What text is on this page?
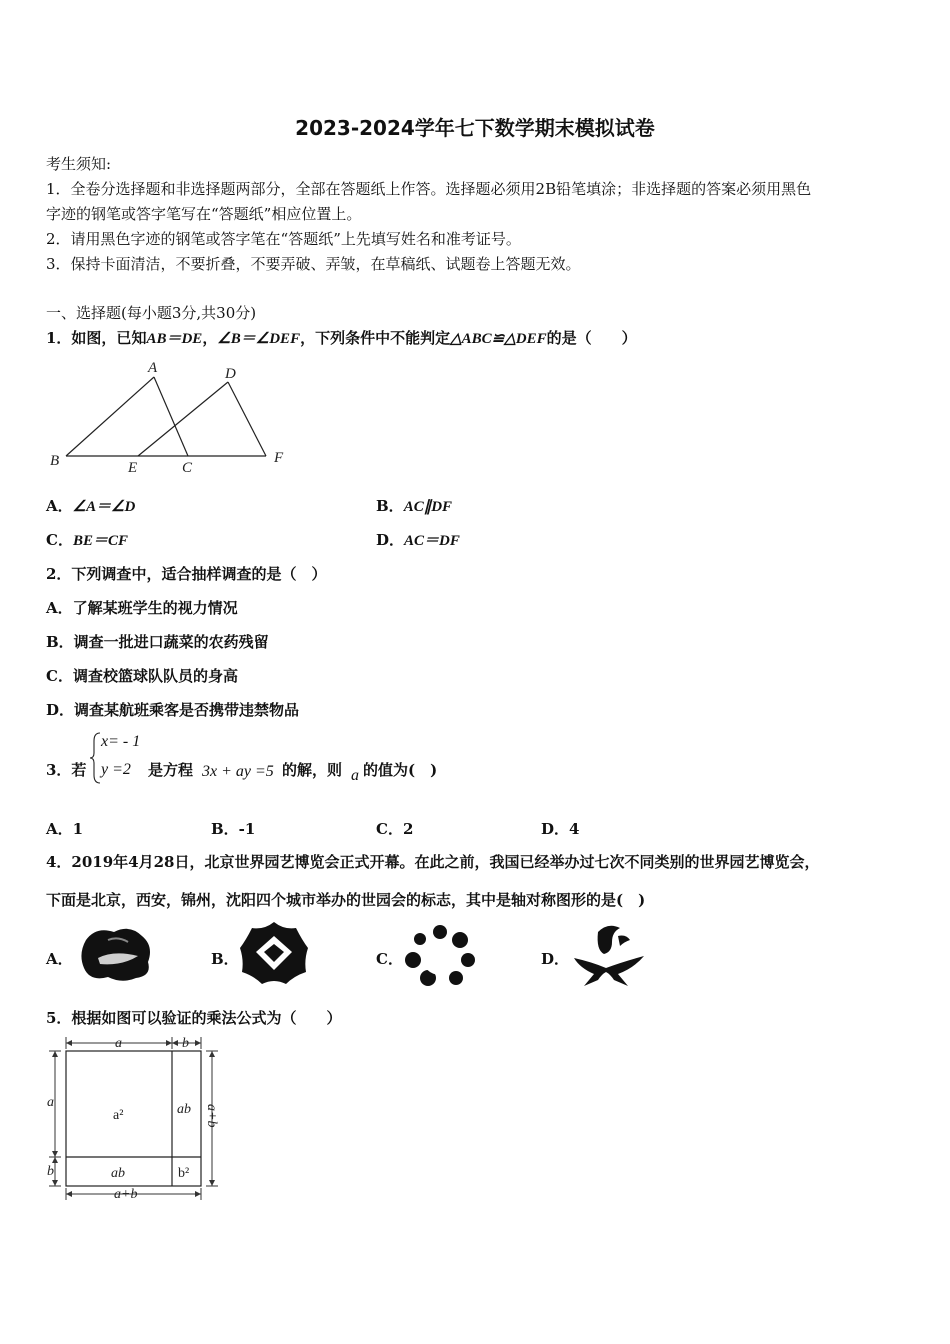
2023-2024学年七下数学期末模拟试卷
考生须知:
1．全卷分选择题和非选择题两部分，全部在答题纸上作答。选择题必须用2B铅笔填涂；非选择题的答案必须用黑色
字迹的钢笔或答字笔写在“答题纸”相应位置上。
2．请用黑色字迹的钢笔或答字笔在“答题纸”上先填写姓名和准考证号。
3．保持卡面清洁，不要折叠，不要弄破、弄皱，在草稿纸、试题卷上答题无效。
一、选择题(每小题3分,共30分)
1．如图，已知AB＝DE，∠B＝∠DEF，下列条件中不能判定△ABC≌△DEF的是（　　）
A	D
B	E	C
F
A．∠A＝∠D	B．AC∥DF
C．BE＝CF	D．AC＝DF
2．下列调查中，适合抽样调查的是（　）
A．了解某班学生的视力情况
B．调查一批进口蔬菜的农药残留
C．调查校篮球队队员的身高
D．调查某航班乘客是否携带违禁物品
3．若
x= - 1
y =2 是方程 3x + ay =5 的解，则 a 的值为(　)
A．1	B．-1	C．2	D．4
4．2019年4月28日，北京世界园艺博览会正式开幕。在此之前，我国已经举办过七次不同类别的世界园艺博览会，
下面是北京，西安，锦州，沈阳四个城市举办的世园会的标志，其中是轴对称图形的是(　)
A．	B．	C．	D．
5．根据如图可以验证的乘法公式为（　　）
a	b
a
b
a+b
a+b
ab
ab
a²
b²
